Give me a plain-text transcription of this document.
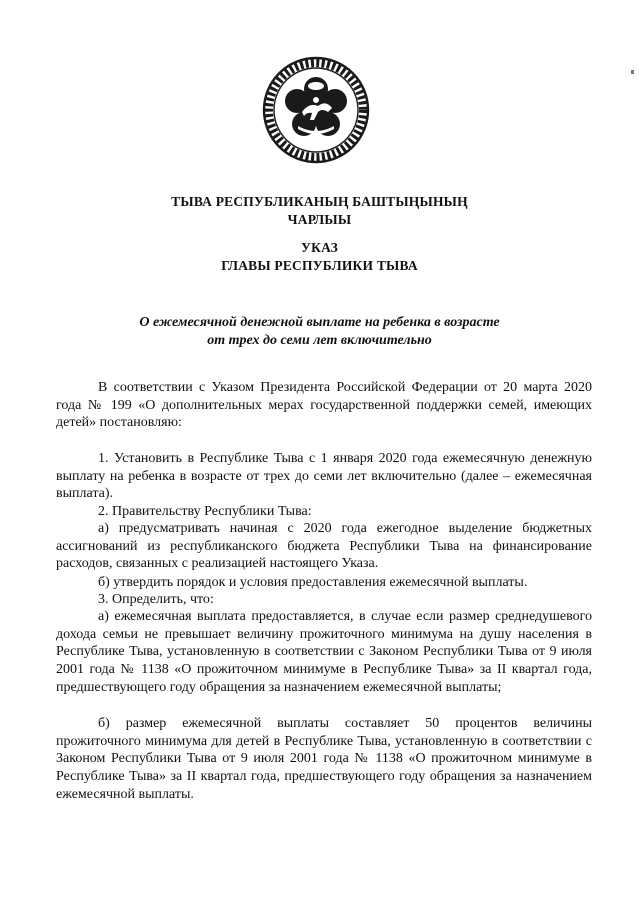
ТЫВА РЕСПУБЛИКАНЫҢ БАШТЫҢЫНЫҢ
ЧАРЛЫЫ
УКАЗ
ГЛАВЫ РЕСПУБЛИКИ ТЫВА
О ежемесячной денежной выплате на ребенка в возрасте
от трех до семи лет включительно

В соответствии с Указом Президента Российской Федерации от 20 марта 2020 года № 199 «О дополнительных мерах государственной поддержки семей, имеющих детей» постановляю:

1. Установить в Республике Тыва с 1 января 2020 года ежемесячную денежную выплату на ребенка в возрасте от трех до семи лет включительно (далее – ежемесячная выплата).

2. Правительству Республики Тыва:

а) предусматривать начиная с 2020 года ежегодное выделение бюджетных ассигнований из республиканского бюджета Республики Тыва на финансирование расходов, связанных с реализацией настоящего Указа.

б) утвердить порядок и условия предоставления ежемесячной выплаты.

3. Определить, что:

а) ежемесячная выплата предоставляется, в случае если размер среднедушевого дохода семьи не превышает величину прожиточного минимума на душу населения в Республике Тыва, установленную в соответствии с Законом Республики Тыва от 9 июля 2001 года № 1138 «О прожиточном минимуме в Республике Тыва» за II квартал года, предшествующего году обращения за назначением ежемесячной выплаты;

б) размер ежемесячной выплаты составляет 50 процентов величины прожиточного минимума для детей в Республике Тыва, установленную в соответствии с Законом Республики Тыва от 9 июля 2001 года № 1138 «О прожиточном минимуме в Республике Тыва» за II квартал года, предшествующего году обращения за назначением ежемесячной выплаты.
